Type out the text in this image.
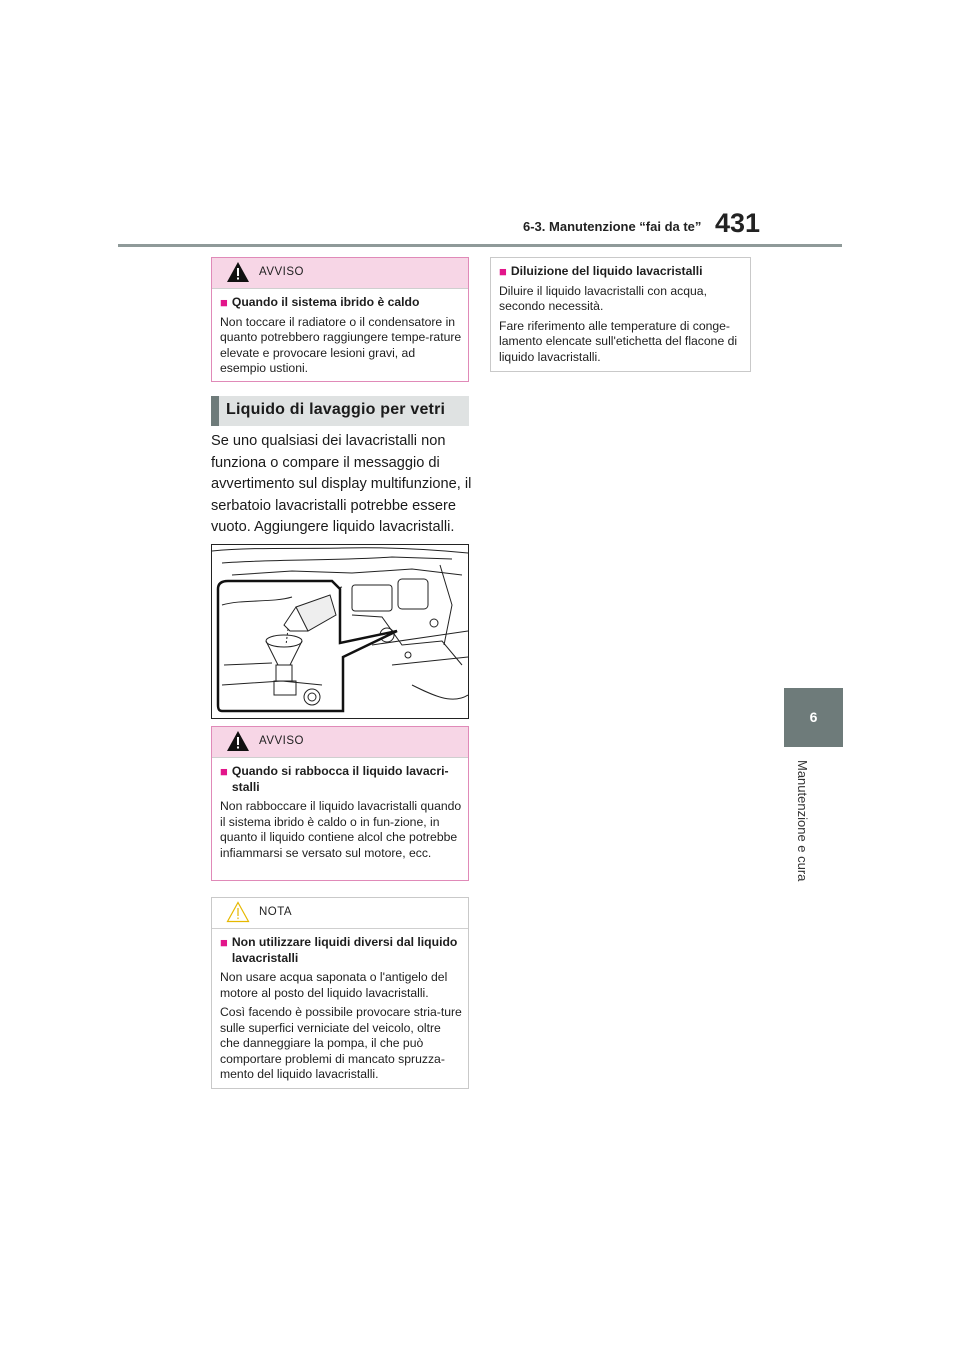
6-3. Manutenzione “fai da te” 431
6
Manutenzione e cura
AVVISO
■ Quando il sistema ibrido è caldo
Non toccare il radiatore o il condensatore in quanto potrebbero raggiungere tempe-rature elevate e provocare lesioni gravi, ad esempio ustioni.
Liquido di lavaggio per vetri
Se uno qualsiasi dei lavacristalli non funziona o compare il messaggio di avvertimento sul display multifunzione, il serbatoio lavacristalli potrebbe essere vuoto. Aggiungere liquido lavacristalli.
AVVISO
■ Quando si rabbocca il liquido lavacri-stalli
Non rabboccare il liquido lavacristalli quando il sistema ibrido è caldo o in fun-zione, in quanto il liquido contiene alcol che potrebbe infiammarsi se versato sul motore, ecc.
NOTA
■ Non utilizzare liquidi diversi dal liquido lavacristalli
Non usare acqua saponata o l'antigelo del motore al posto del liquido lavacristalli.
Così facendo è possibile provocare stria-ture sulle superfici verniciate del veicolo, oltre che danneggiare la pompa, il che può comportare problemi di mancato spruzza-mento del liquido lavacristalli.
■ Diluizione del liquido lavacristalli
Diluire il liquido lavacristalli con acqua, secondo necessità.
Fare riferimento alle temperature di conge-lamento elencate sull'etichetta del flacone di liquido lavacristalli.
